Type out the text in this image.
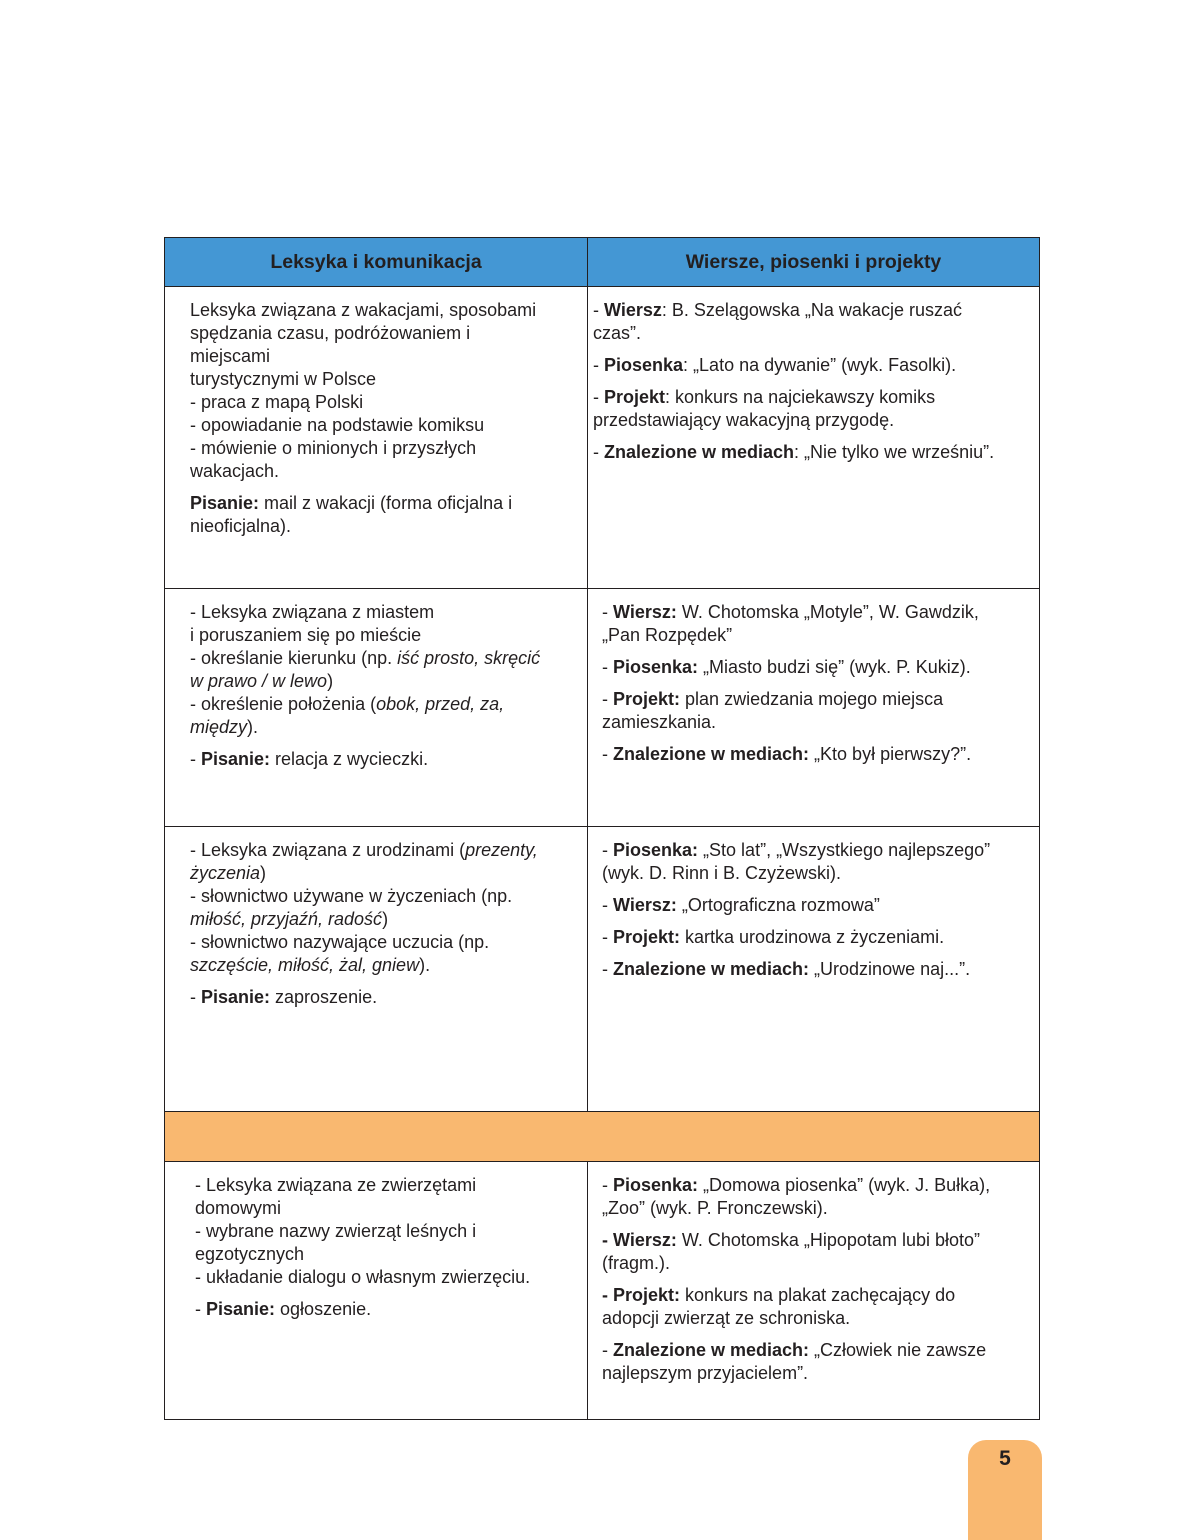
Leksyka i komunikacja	Wiersze, piosenki i projekty

Leksyka związana z wakacjami, sposobami
spędzania czasu, podróżowaniem i
miejscami
turystycznymi w Polsce
- praca z mapą Polski
- opowiadanie na podstawie komiksu
- mówienie o minionych i przyszłych
wakacjach.

Pisanie: mail z wakacji (forma oficjalna i
nieoficjalna).

- Wiersz: B. Szelągowska „Na wakacje ruszać
czas”.

- Piosenka: „Lato na dywanie” (wyk. Fasolki).

- Projekt: konkurs na najciekawszy komiks
przedstawiający wakacyjną przygodę.

- Znalezione w mediach: „Nie tylko we wrześniu”.

- Leksyka związana z miastem
i poruszaniem się po mieście
- określanie kierunku (np. iść prosto, skręcić
w prawo / w lewo)
- określenie położenia (obok, przed, za,
między).

- Pisanie: relacja z wycieczki.

- Wiersz: W. Chotomska „Motyle”, W. Gawdzik,
„Pan Rozpędek”

- Piosenka: „Miasto budzi się” (wyk. P. Kukiz).

- Projekt: plan zwiedzania mojego miejsca
zamieszkania.

- Znalezione w mediach: „Kto był pierwszy?”.

- Leksyka związana z urodzinami (prezenty,
życzenia)
- słownictwo używane w życzeniach (np.
miłość, przyjaźń, radość)
- słownictwo nazywające uczucia (np.
szczęście, miłość, żal, gniew).

- Pisanie: zaproszenie.

- Piosenka: „Sto lat”, „Wszystkiego najlepszego”
(wyk. D. Rinn i B. Czyżewski).

- Wiersz: „Ortograficzna rozmowa”

- Projekt: kartka urodzinowa z życzeniami.

- Znalezione w mediach: „Urodzinowe naj...”.

- Leksyka związana ze zwierzętami
domowymi
- wybrane nazwy zwierząt leśnych i
egzotycznych
- układanie dialogu o własnym zwierzęciu.

- Pisanie: ogłoszenie.

- Piosenka: „Domowa piosenka” (wyk. J. Bułka),
„Zoo” (wyk. P. Fronczewski).

- Wiersz: W. Chotomska „Hipopotam lubi błoto”
(fragm.).

- Projekt: konkurs na plakat zachęcający do
adopcji zwierząt ze schroniska.

- Znalezione w mediach: „Człowiek nie zawsze
najlepszym przyjacielem”.

5
